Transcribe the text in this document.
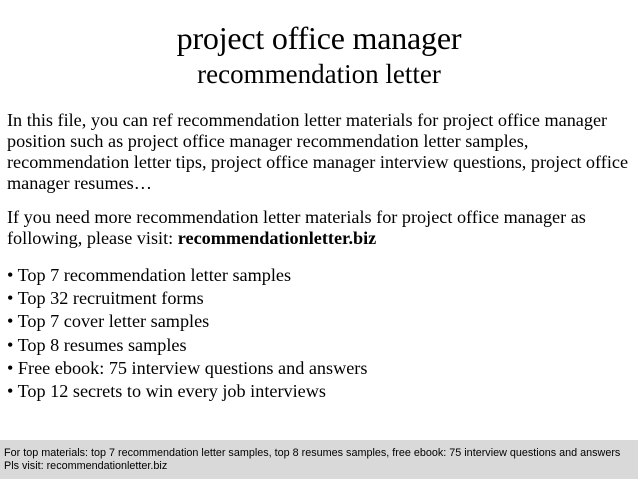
project office manager
recommendation letter
In this file, you can ref recommendation letter materials for project office manager position such as project office manager recommendation letter samples, recommendation letter tips, project office manager interview questions, project office manager resumes…
If you need more recommendation letter materials for project office manager as following, please visit: recommendationletter.biz
• Top 7 recommendation letter samples
• Top 32 recruitment forms
• Top 7 cover letter samples
• Top 8 resumes samples
• Free ebook: 75 interview questions and answers
• Top 12 secrets to win every job interviews
For top materials: top 7 recommendation letter samples, top 8 resumes samples, free ebook: 75 interview questions and answers
Pls visit: recommendationletter.biz
